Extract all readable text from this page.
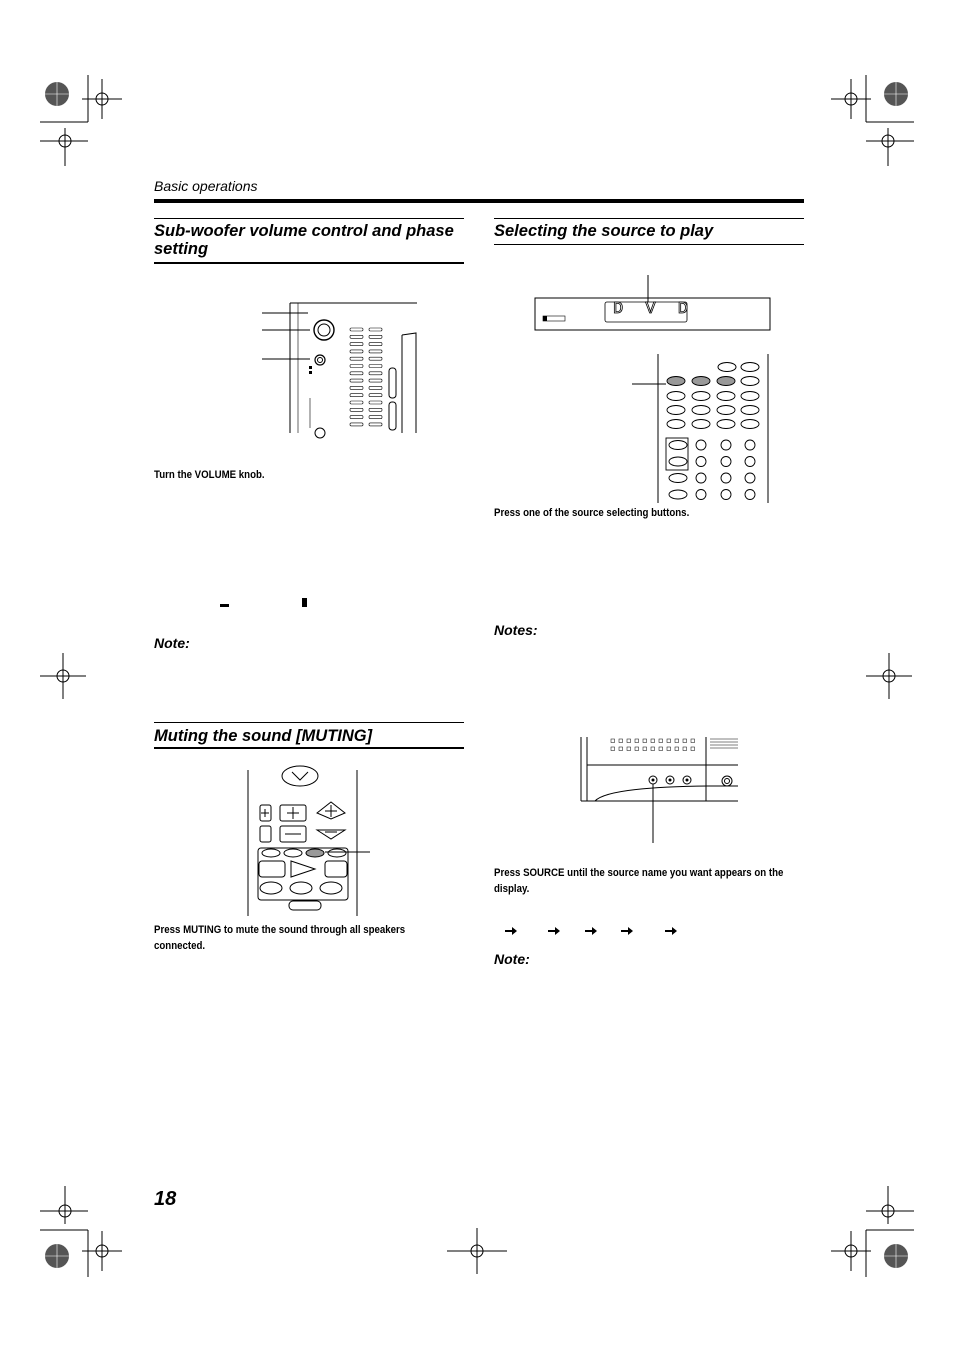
Basic operations
Sub-woofer volume control and phase setting
Turn the VOLUME knob.
Note:
Muting the sound [MUTING]
Press MUTING to mute the sound through all speakers connected.
Selecting the source to play
D V D
Press one of the source selecting buttons.
Notes:
Press SOURCE until the source name you want appears on the display.
Note:
18
